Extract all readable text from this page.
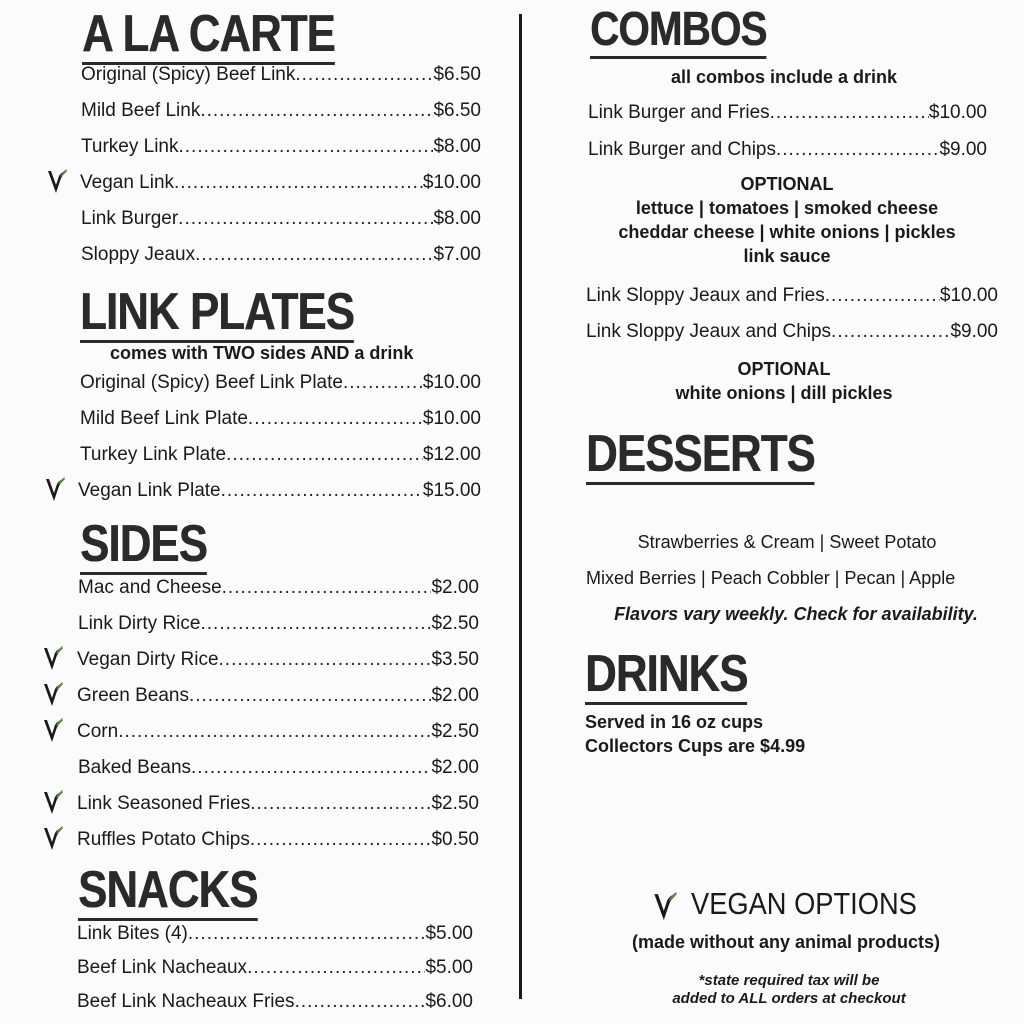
A LA CARTE
Original (Spicy) Beef Link .....	$6.50
Mild Beef Link .....	$6.50
Turkey Link .....	$8.00
Vegan Link .....	$10.00
Link Burger .....	$8.00
Sloppy Jeaux .....	$7.00
LINK PLATES
comes with TWO sides AND a drink
Original (Spicy) Beef Link Plate .....	$10.00
Mild Beef Link Plate .....	$10.00
Turkey Link Plate .....	$12.00
Vegan Link Plate .....	$15.00
SIDES
Mac and Cheese .....	$2.00
Link Dirty Rice .....	$2.50
Vegan Dirty Rice .....	$3.50
Green Beans .....	$2.00
Corn .....	$2.50
Baked Beans .....	$2.00
Link Seasoned Fries .....	$2.50
Ruffles Potato Chips .....	$0.50
SNACKS
Link Bites (4) .....	$5.00
Beef Link Nacheaux .....	$5.00
Beef Link Nacheaux Fries .....	$6.00
COMBOS
all combos include a drink
Link Burger and Fries .....	$10.00
Link Burger and Chips .....	$9.00
OPTIONAL
lettuce | tomatoes | smoked cheese
cheddar cheese | white onions | pickles
link sauce
Link Sloppy Jeaux and Fries .....	$10.00
Link Sloppy Jeaux and Chips .....	$9.00
OPTIONAL
white onions | dill pickles
DESSERTS
Strawberries & Cream | Sweet Potato
Mixed Berries | Peach Cobbler | Pecan | Apple
Flavors vary weekly. Check for availability.
DRINKS
Served in 16 oz cups
Collectors Cups are $4.99
VEGAN OPTIONS
(made without any animal products)
*state required tax will be
added to ALL orders at checkout
